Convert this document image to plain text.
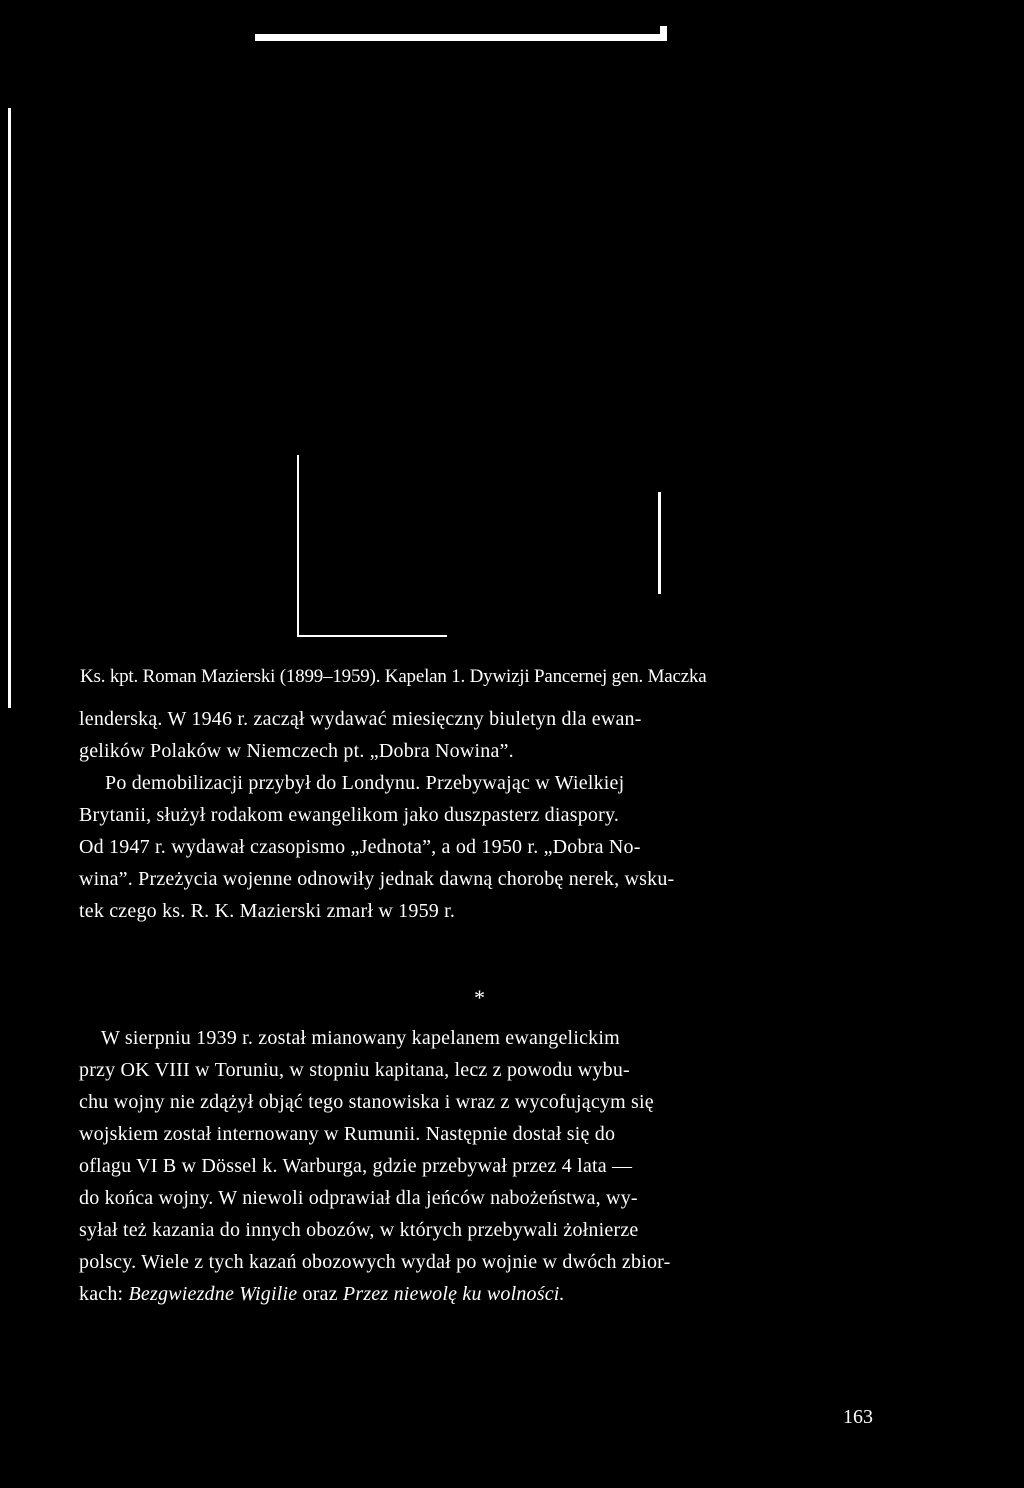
Ks. kpt. Roman Mazierski (1899–1959). Kapelan 1. Dywizji Pancernej gen. Maczka
lenderską. W 1946 r. zaczął wydawać miesięczny biuletyn dla ewan-
gelików Polaków w Niemczech pt. „Dobra Nowina”.
Po demobilizacji przybył do Londynu. Przebywając w Wielkiej
Brytanii, służył rodakom ewangelikom jako duszpasterz diaspory.
Od 1947 r. wydawał czasopismo „Jednota”, a od 1950 r. „Dobra No-
wina”. Przeżycia wojenne odnowiły jednak dawną chorobę nerek, wsku-
tek czego ks. R. K. Mazierski zmarł w 1959 r.
*
W sierpniu 1939 r. został mianowany kapelanem ewangelickim
przy OK VIII w Toruniu, w stopniu kapitana, lecz z powodu wybu-
chu wojny nie zdążył objąć tego stanowiska i wraz z wycofującym się
wojskiem został internowany w Rumunii. Następnie dostał się do
oflagu VI B w Dössel k. Warburga, gdzie przebywał przez 4 lata —
do końca wojny. W niewoli odprawiał dla jeńców nabożeństwa, wy-
syłał też kazania do innych obozów, w których przebywali żołnierze
polscy. Wiele z tych kazań obozowych wydał po wojnie w dwóch zbior-
kach: Bezgwiezdne Wigilie oraz Przez niewolę ku wolności.
163
